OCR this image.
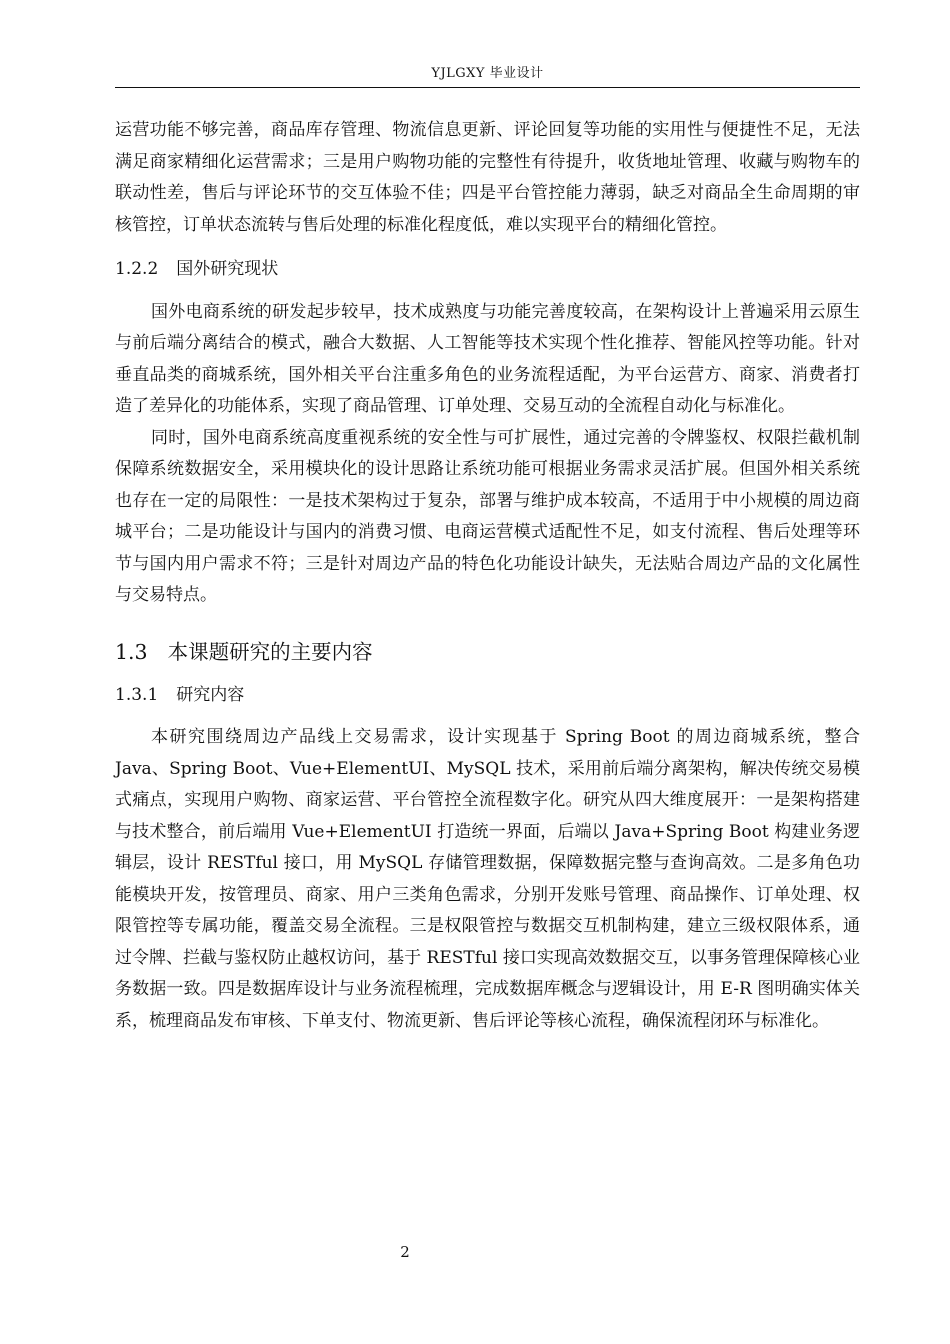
YJLGXY 毕业设计

运营功能不够完善，商品库存管理、物流信息更新、评论回复等功能的实用性与便捷性不足，无法满足商家精细化运营需求；三是用户购物功能的完整性有待提升，收货地址管理、收藏与购物车的联动性差，售后与评论环节的交互体验不佳；四是平台管控能力薄弱，缺乏对商品全生命周期的审核管控，订单状态流转与售后处理的标准化程度低，难以实现平台的精细化管控。

1.2.2 国外研究现状

国外电商系统的研发起步较早，技术成熟度与功能完善度较高，在架构设计上普遍采用云原生与前后端分离结合的模式，融合大数据、人工智能等技术实现个性化推荐、智能风控等功能。针对垂直品类的商城系统，国外相关平台注重多角色的业务流程适配，为平台运营方、商家、消费者打造了差异化的功能体系，实现了商品管理、订单处理、交易互动的全流程自动化与标准化。

同时，国外电商系统高度重视系统的安全性与可扩展性，通过完善的令牌鉴权、权限拦截机制保障系统数据安全，采用模块化的设计思路让系统功能可根据业务需求灵活扩展。但国外相关系统也存在一定的局限性：一是技术架构过于复杂，部署与维护成本较高，不适用于中小规模的周边商城平台；二是功能设计与国内的消费习惯、电商运营模式适配性不足，如支付流程、售后处理等环节与国内用户需求不符；三是针对周边产品的特色化功能设计缺失，无法贴合周边产品的文化属性与交易特点。

1.3 本课题研究的主要内容
1.3.1 研究内容

本研究围绕周边产品线上交易需求，设计实现基于 Spring Boot 的周边商城系统，整合 Java、Spring Boot、Vue+ElementUI、MySQL 技术，采用前后端分离架构，解决传统交易模式痛点，实现用户购物、商家运营、平台管控全流程数字化。研究从四大维度展开：一是架构搭建与技术整合，前后端用 Vue+ElementUI 打造统一界面，后端以 Java+Spring Boot 构建业务逻辑层，设计 RESTful 接口，用 MySQL 存储管理数据，保障数据完整与查询高效。二是多角色功能模块开发，按管理员、商家、用户三类角色需求，分别开发账号管理、商品操作、订单处理、权限管控等专属功能，覆盖交易全流程。三是权限管控与数据交互机制构建，建立三级权限体系，通过令牌、拦截与鉴权防止越权访问，基于 RESTful 接口实现高效数据交互，以事务管理保障核心业务数据一致。四是数据库设计与业务流程梳理，完成数据库概念与逻辑设计，用 E-R 图明确实体关系，梳理商品发布审核、下单支付、物流更新、售后评论等核心流程，确保流程闭环与标准化。

2
